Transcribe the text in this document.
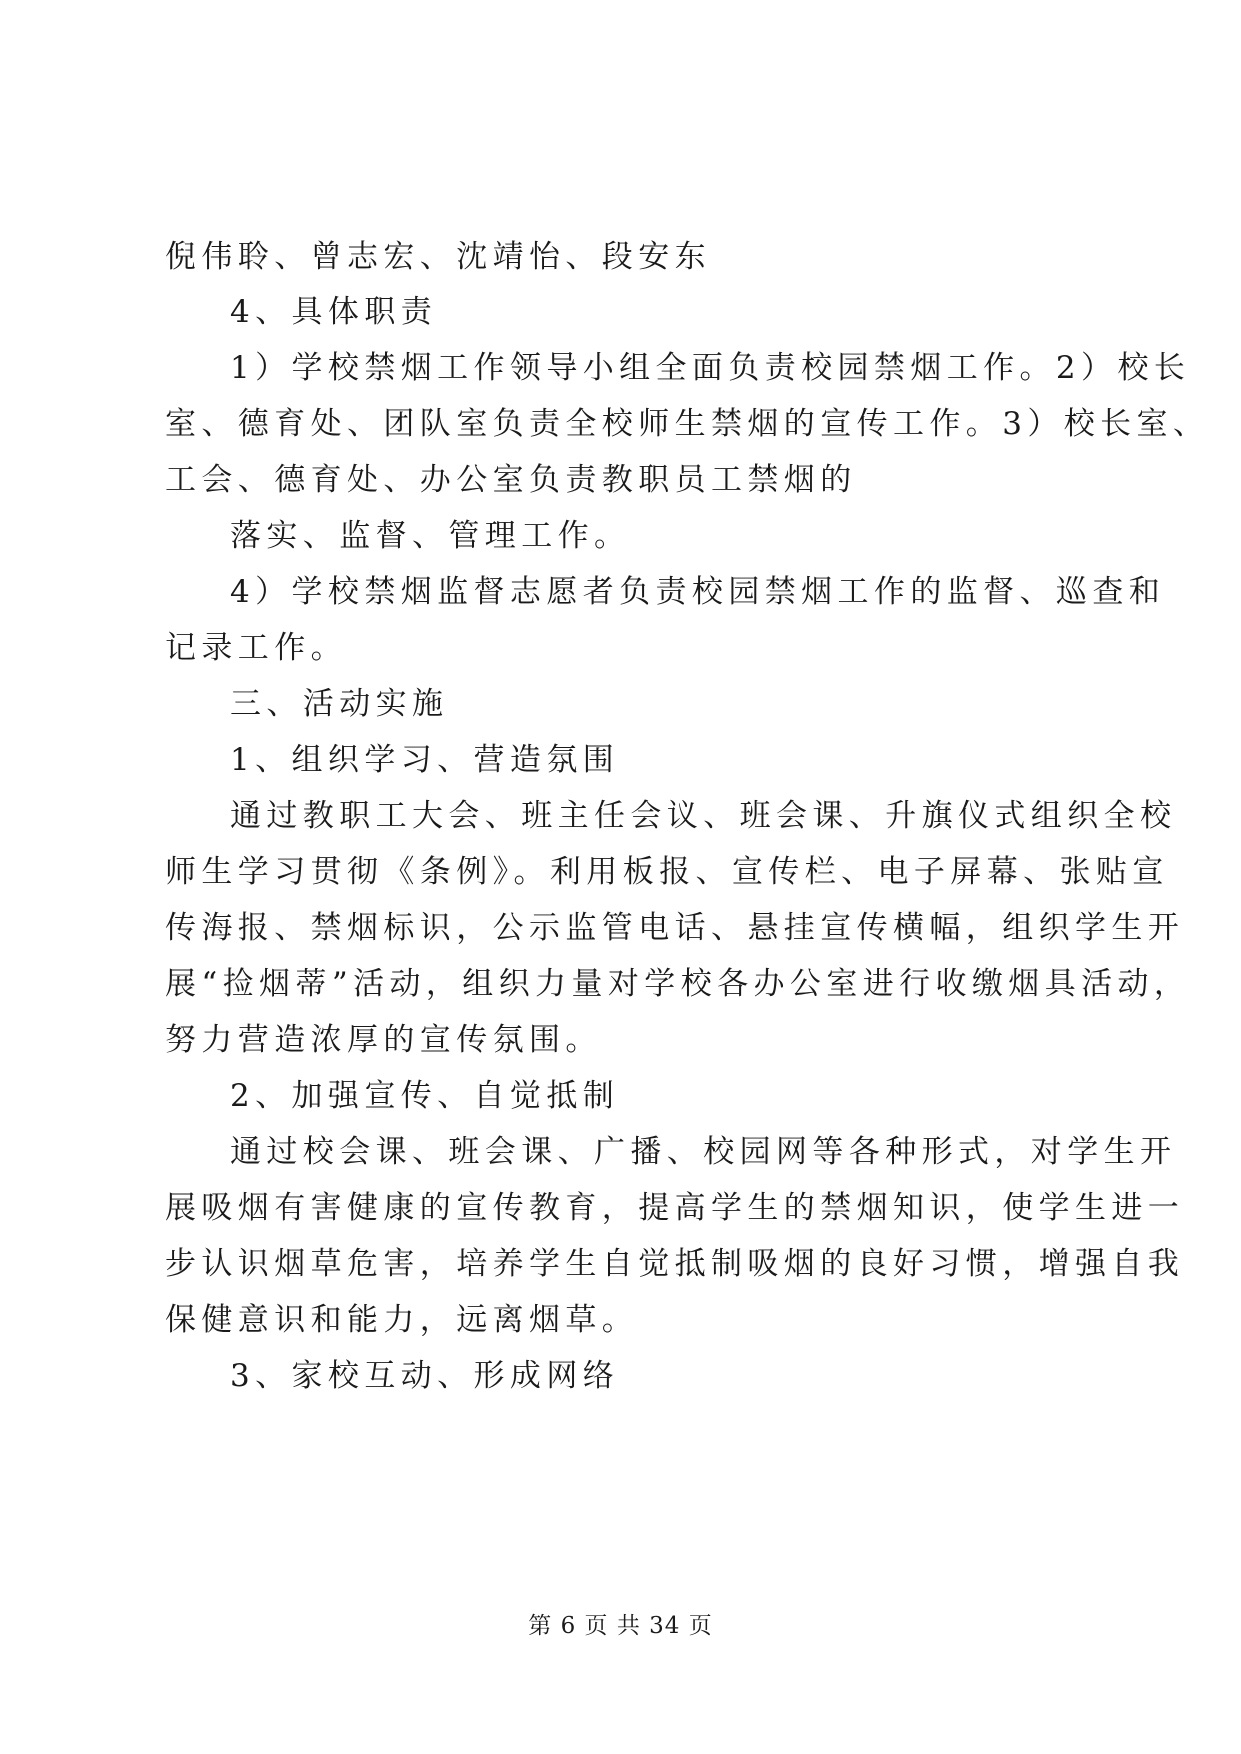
倪伟聆、曾志宏、沈靖怡、段安东
4、具体职责
1）学校禁烟工作领导小组全面负责校园禁烟工作。2）校长
室、德育处、团队室负责全校师生禁烟的宣传工作。3）校长室、
工会、德育处、办公室负责教职员工禁烟的
落实、监督、管理工作。
4）学校禁烟监督志愿者负责校园禁烟工作的监督、巡查和
记录工作。
三、活动实施
1、组织学习、营造氛围
通过教职工大会、班主任会议、班会课、升旗仪式组织全校
师生学习贯彻《条例》。利用板报、宣传栏、电子屏幕、张贴宣
传海报、禁烟标识，公示监管电话、悬挂宣传横幅，组织学生开
展“捡烟蒂”活动，组织力量对学校各办公室进行收缴烟具活动，
努力营造浓厚的宣传氛围。
2、加强宣传、自觉抵制
通过校会课、班会课、广播、校园网等各种形式，对学生开
展吸烟有害健康的宣传教育，提高学生的禁烟知识，使学生进一
步认识烟草危害，培养学生自觉抵制吸烟的良好习惯，增强自我
保健意识和能力，远离烟草。
3、家校互动、形成网络
第 6 页 共 34 页
